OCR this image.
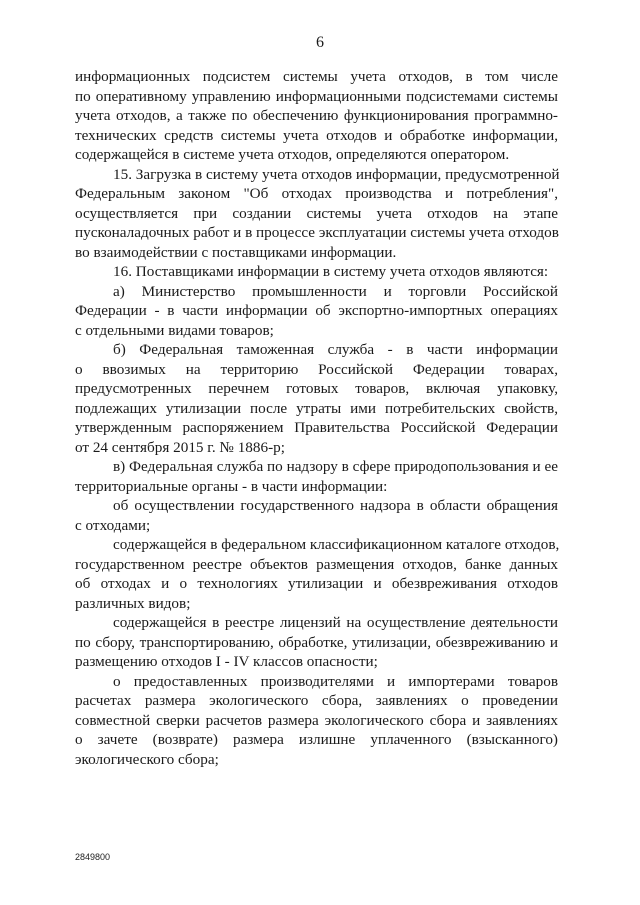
6
информационных подсистем системы учета отходов, в том числе
по оперативному управлению информационными подсистемами системы
учета отходов, а также по обеспечению функционирования программно-
технических средств системы учета отходов и обработке информации,
содержащейся в системе учета отходов, определяются оператором.
15. Загрузка в систему учета отходов информации, предусмотренной
Федеральным законом "Об отходах производства и потребления",
осуществляется при создании системы учета отходов на этапе
пусконаладочных работ и в процессе эксплуатации системы учета отходов
во взаимодействии с поставщиками информации.
16. Поставщиками информации в систему учета отходов являются:
а) Министерство промышленности и торговли Российской
Федерации - в части информации об экспортно-импортных операциях
с отдельными видами товаров;
б) Федеральная таможенная служба - в части информации
о ввозимых на территорию Российской Федерации товарах,
предусмотренных перечнем готовых товаров, включая упаковку,
подлежащих утилизации после утраты ими потребительских свойств,
утвержденным распоряжением Правительства Российской Федерации
от 24 сентября 2015 г. № 1886-р;
в) Федеральная служба по надзору в сфере природопользования и ее
территориальные органы - в части информации:
об осуществлении государственного надзора в области обращения
с отходами;
содержащейся в федеральном классификационном каталоге отходов,
государственном реестре объектов размещения отходов, банке данных
об отходах и о технологиях утилизации и обезвреживания отходов
различных видов;
содержащейся в реестре лицензий на осуществление деятельности
по сбору, транспортированию, обработке, утилизации, обезвреживанию и
размещению отходов I - IV классов опасности;
о предоставленных производителями и импортерами товаров
расчетах размера экологического сбора, заявлениях о проведении
совместной сверки расчетов размера экологического сбора и заявлениях
о зачете (возврате) размера излишне уплаченного (взысканного)
экологического сбора;
2849800
